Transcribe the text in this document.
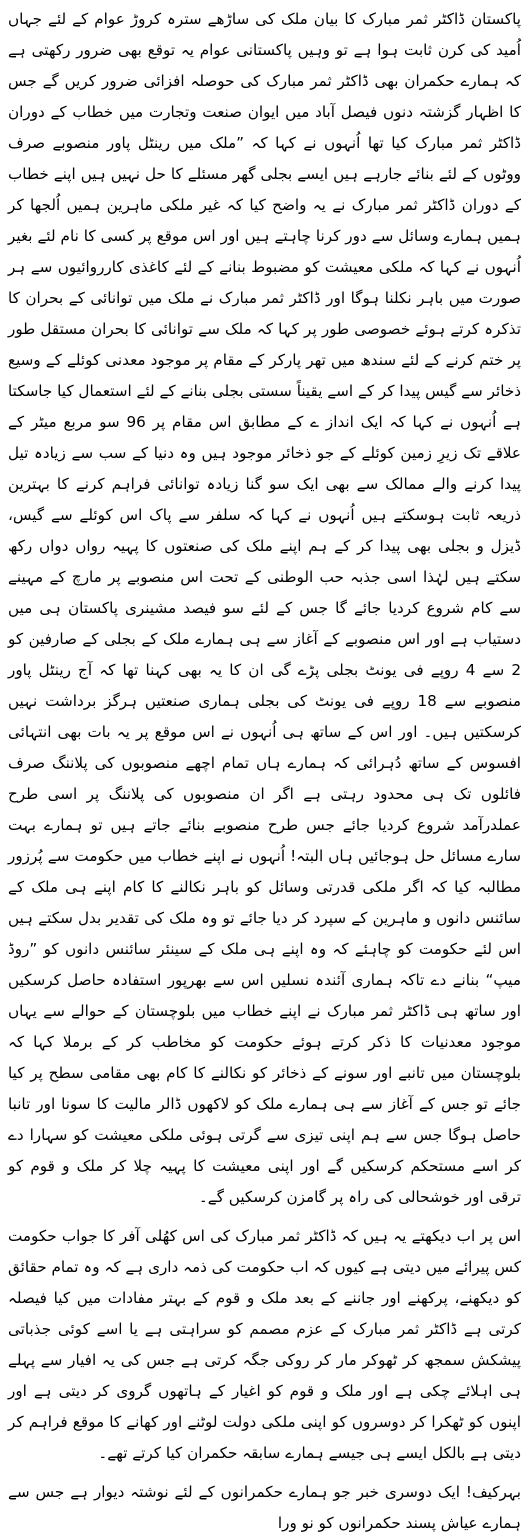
پاکستان ڈاکٹر ثمر مبارک کا بیان ملک کی ساڑھے سترہ کروڑ عوام کے لئے جہاں اُمید کی کرن ثابت ہوا ہے تو وہیں پاکستانی عوام یہ توقع بھی ضرور رکھتی ہے کہ ہمارے حکمران بھی ڈاکٹر ثمر مبارک کی حوصلہ افزائی ضرور کریں گے جس کا اظہار گزشتہ دنوں فیصل آباد میں ایوان صنعت وتجارت میں خطاب کے دوران ڈاکٹر ثمر مبارک کیا تھا اُنہوں نے کہا کہ ”ملک میں رینٹل پاور منصوبے صرف ووٹوں کے لئے بنائے جارہے ہیں ایسے بجلی گھر مسئلے کا حل نہیں ہیں اپنے خطاب کے دوران ڈاکٹر ثمر مبارک نے یہ واضح کیا کہ غیر ملکی ماہرین ہمیں اُلجھا کر ہمیں ہمارے وسائل سے دور کرنا چاہتے ہیں اور اس موقع پر کسی کا نام لئے بغیر اُنہوں نے کہا کہ ملکی معیشت کو مضبوط بنانے کے لئے کاغذی کارروائیوں سے ہر صورت میں باہر نکلنا ہوگا اور ڈاکٹر ثمر مبارک نے ملک میں توانائی کے بحران کا تذکرہ کرتے ہوئے خصوصی طور پر کہا کہ ملک سے توانائی کا بحران مستقل طور پر ختم کرنے کے لئے سندھ میں تھر پارکر کے مقام پر موجود معدنی کوئلے کے وسیع ذخائر سے گیس پیدا کر کے اسے یقیناً سستی بجلی بنانے کے لئے استعمال کیا جاسکتا ہے اُنہوں نے کہا کہ ایک انداز ے کے مطابق اس مقام پر 96 سو مربع میٹر کے علاقے تک زیرِ زمین کوئلے کے جو ذخائر موجود ہیں وہ دنیا کے سب سے زیادہ تیل پیدا کرنے والے ممالک سے بھی ایک سو گنا زیادہ توانائی فراہم کرنے کا بہترین ذریعہ ثابت ہوسکتے ہیں اُنہوں نے کہا کہ سلفر سے پاک اس کوئلے سے گیس، ڈیزل و بجلی بھی پیدا کر کے ہم اپنے ملک کی صنعتوں کا پہیہ رواں دواں رکھ سکتے ہیں لہٰذا اسی جذبہ حب الوطنی کے تحت اس منصوبے پر مارچ کے مہینے سے کام شروع کردیا جائے گا جس کے لئے سو فیصد مشینری پاکستان ہی میں دستیاب ہے اور اس منصوبے کے آغاز سے ہی ہمارے ملک کے بجلی کے صارفین کو 2 سے 4 روپے فی یونٹ بجلی پڑے گی ان کا یہ بھی کہنا تھا کہ آج رینٹل پاور منصوبے سے 18 روپے فی یونٹ کی بجلی ہماری صنعتیں ہرگز برداشت نہیں کرسکتیں ہیں۔ اور اس کے ساتھ ہی اُنہوں نے اس موقع پر یہ بات بھی انتہائی افسوس کے ساتھ دُہرائی کہ ہمارے ہاں تمام اچھے منصوبوں کی پلاننگ صرف فائلوں تک ہی محدود رہتی ہے اگر ان منصوبوں کی پلاننگ پر اسی طرح عملدرآمد شروع کردیا جائے جس طرح منصوبے بنائے جاتے ہیں تو ہمارے بہت سارے مسائل حل ہوجائیں ہاں البتہ! اُنہوں نے اپنے خطاب میں حکومت سے پُرزور مطالبہ کیا کہ اگر ملکی قدرتی وسائل کو باہر نکالنے کا کام اپنے ہی ملک کے سائنس دانوں و ماہرین کے سپرد کر دیا جائے تو وہ ملک کی تقدیر بدل سکتے ہیں اس لئے حکومت کو چاہئے کہ وہ اپنے ہی ملک کے سینئر سائنس دانوں کو ”روڈ میپ“ بنانے دے تاکہ ہماری آئندہ نسلیں اس سے بھرپور استفادہ حاصل کرسکیں اور ساتھ ہی ڈاکٹر ثمر مبارک نے اپنے خطاب میں بلوچستان کے حوالے سے یہاں موجود معدنیات کا ذکر کرتے ہوئے حکومت کو مخاطب کر کے برملا کہا کہ بلوچستان میں تانبے اور سونے کے ذخائر کو نکالنے کا کام بھی مقامی سطح پر کیا جائے تو جس کے آغاز سے ہی ہمارے ملک کو لاکھوں ڈالر مالیت کا سونا اور تانبا حاصل ہوگا جس سے ہم اپنی تیزی سے گرتی ہوئی ملکی معیشت کو سہارا دے کر اسے مستحکم کرسکیں گے اور اپنی معیشت کا پہیہ چلا کر ملک و قوم کو ترقی اور خوشحالی کی راہ پر گامزن کرسکیں گے۔

اس پر اب دیکھتے یہ ہیں کہ ڈاکٹر ثمر مبارک کی اس کھُلی آفر کا جواب حکومت کس پیرائے میں دیتی ہے کیوں کہ اب حکومت کی ذمہ داری ہے کہ وہ تمام حقائق کو دیکھنے، پرکھنے اور جاننے کے بعد ملک و قوم کے بہتر مفادات میں کیا فیصلہ کرتی ہے ڈاکٹر ثمر مبارک کے عزم مصمم کو سراہتی ہے یا اسے کوئی جذباتی پیشکش سمجھ کر ٹھوکر مار کر روکی جگہ کرتی ہے جس کی یہ افیار سے پہلے ہی اہلائے چکی ہے اور ملک و قوم کو اغیار کے ہاتھوں گروی کر دیتی ہے اور اپنوں کو ٹھکرا کر دوسروں کو اپنی ملکی دولت لوٹنے اور کھانے کا موقع فراہم کر دیتی ہے بالکل ایسے ہی جیسے ہمارے سابقہ حکمران کیا کرتے تھے۔

بہرکیف! ایک دوسری خبر جو ہمارے حکمرانوں کے لئے نوشتہ دیوار ہے جس سے ہمارے عیاش پسند حکمرانوں کو نو ورا
